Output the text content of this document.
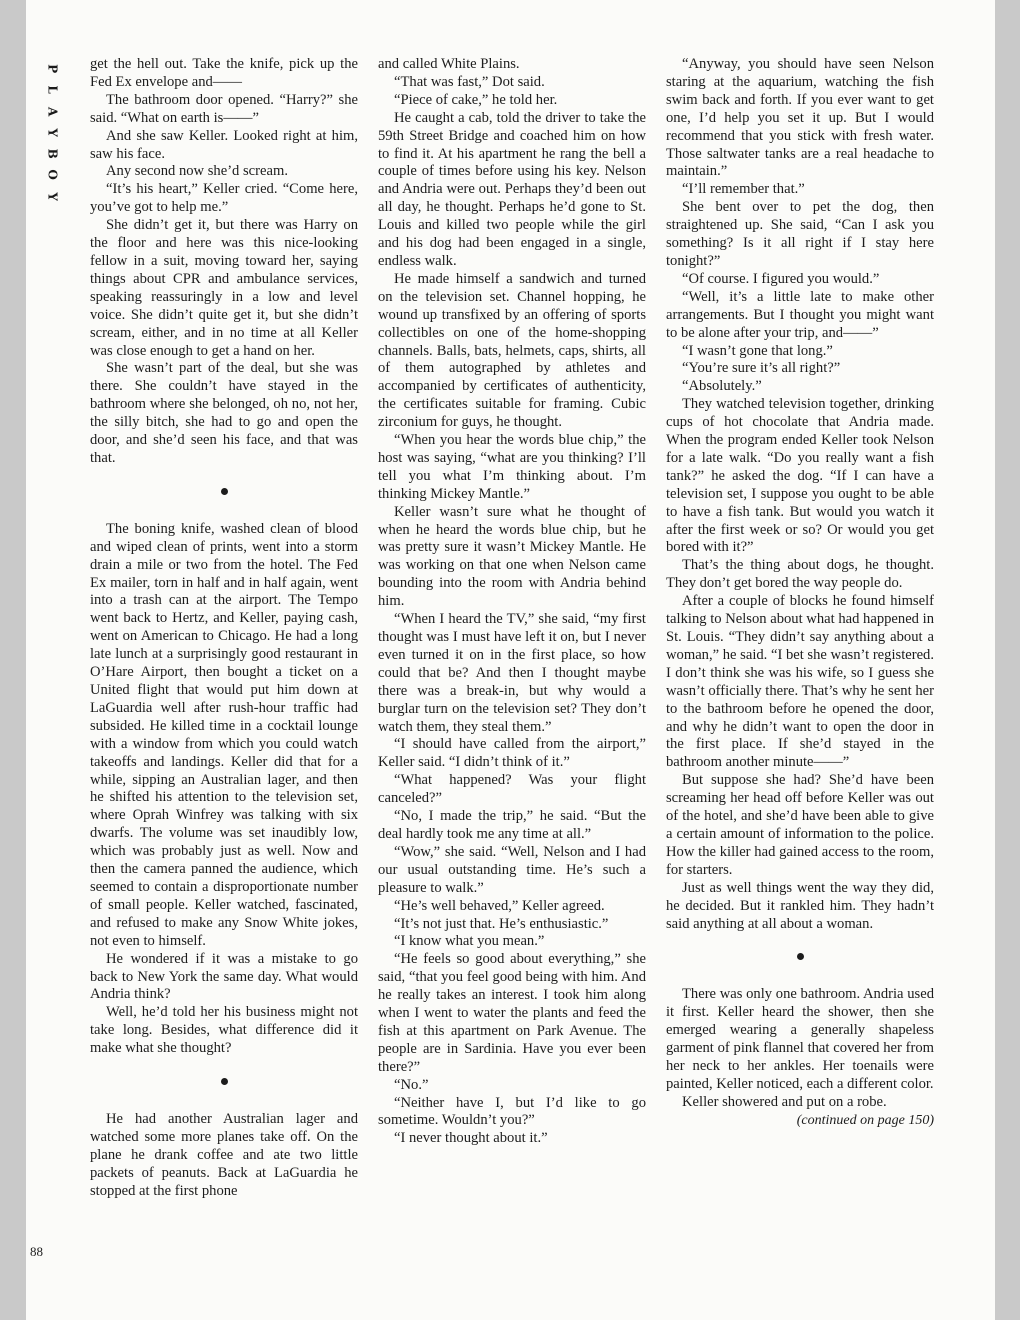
P
L
A
Y
B
O
Y

get the hell out. Take the knife, pick up the Fed Ex envelope and——

The bathroom door opened. “Harry?” she said. “What on earth is——”

And she saw Keller. Looked right at him, saw his face.

Any second now she’d scream.

“It’s his heart,” Keller cried. “Come here, you’ve got to help me.”

She didn’t get it, but there was Harry on the floor and here was this nice-looking fellow in a suit, moving toward her, saying things about CPR and ambulance services, speaking reassuringly in a low and level voice. She didn’t quite get it, but she didn’t scream, either, and in no time at all Keller was close enough to get a hand on her.

She wasn’t part of the deal, but she was there. She couldn’t have stayed in the bathroom where she belonged, oh no, not her, the silly bitch, she had to go and open the door, and she’d seen his face, and that was that.

The boning knife, washed clean of blood and wiped clean of prints, went into a storm drain a mile or two from the hotel. The Fed Ex mailer, torn in half and in half again, went into a trash can at the airport. The Tempo went back to Hertz, and Keller, paying cash, went on American to Chicago. He had a long late lunch at a surprisingly good restaurant in O’Hare Airport, then bought a ticket on a United flight that would put him down at LaGuardia well after rush-hour traffic had subsided. He killed time in a cocktail lounge with a window from which you could watch takeoffs and landings. Keller did that for a while, sipping an Australian lager, and then he shifted his attention to the television set, where Oprah Winfrey was talking with six dwarfs. The volume was set inaudibly low, which was probably just as well. Now and then the camera panned the audience, which seemed to contain a disproportionate number of small people. Keller watched, fascinated, and refused to make any Snow White jokes, not even to himself.

He wondered if it was a mistake to go back to New York the same day. What would Andria think?

Well, he’d told her his business might not take long. Besides, what difference did it make what she thought?

He had another Australian lager and watched some more planes take off. On the plane he drank coffee and ate two little packets of peanuts. Back at LaGuardia he stopped at the first phone

and called White Plains.

“That was fast,” Dot said.

“Piece of cake,” he told her.

He caught a cab, told the driver to take the 59th Street Bridge and coached him on how to find it. At his apartment he rang the bell a couple of times before using his key. Nelson and Andria were out. Perhaps they’d been out all day, he thought. Perhaps he’d gone to St. Louis and killed two people while the girl and his dog had been engaged in a single, endless walk.

He made himself a sandwich and turned on the television set. Channel hopping, he wound up transfixed by an offering of sports collectibles on one of the home-shopping channels. Balls, bats, helmets, caps, shirts, all of them autographed by athletes and accompanied by certificates of authenticity, the certificates suitable for framing. Cubic zirconium for guys, he thought.

“When you hear the words blue chip,” the host was saying, “what are you thinking? I’ll tell you what I’m thinking about. I’m thinking Mickey Mantle.”

Keller wasn’t sure what he thought of when he heard the words blue chip, but he was pretty sure it wasn’t Mickey Mantle. He was working on that one when Nelson came bounding into the room with Andria behind him.

“When I heard the TV,” she said, “my first thought was I must have left it on, but I never even turned it on in the first place, so how could that be? And then I thought maybe there was a break-in, but why would a burglar turn on the television set? They don’t watch them, they steal them.”

“I should have called from the airport,” Keller said. “I didn’t think of it.”

“What happened? Was your flight canceled?”

“No, I made the trip,” he said. “But the deal hardly took me any time at all.”

“Wow,” she said. “Well, Nelson and I had our usual outstanding time. He’s such a pleasure to walk.”

“He’s well behaved,” Keller agreed.

“It’s not just that. He’s enthusiastic.”

“I know what you mean.”

“He feels so good about everything,” she said, “that you feel good being with him. And he really takes an interest. I took him along when I went to water the plants and feed the fish at this apartment on Park Avenue. The people are in Sardinia. Have you ever been there?”

“No.”

“Neither have I, but I’d like to go sometime. Wouldn’t you?”

“I never thought about it.”

“Anyway, you should have seen Nelson staring at the aquarium, watching the fish swim back and forth. If you ever want to get one, I’d help you set it up. But I would recommend that you stick with fresh water. Those saltwater tanks are a real headache to maintain.”

“I’ll remember that.”

She bent over to pet the dog, then straightened up. She said, “Can I ask you something? Is it all right if I stay here tonight?”

“Of course. I figured you would.”

“Well, it’s a little late to make other arrangements. But I thought you might want to be alone after your trip, and——”

“I wasn’t gone that long.”

“You’re sure it’s all right?”

“Absolutely.”

They watched television together, drinking cups of hot chocolate that Andria made. When the program ended Keller took Nelson for a late walk. “Do you really want a fish tank?” he asked the dog. “If I can have a television set, I suppose you ought to be able to have a fish tank. But would you watch it after the first week or so? Or would you get bored with it?”

That’s the thing about dogs, he thought. They don’t get bored the way people do.

After a couple of blocks he found himself talking to Nelson about what had happened in St. Louis. “They didn’t say anything about a woman,” he said. “I bet she wasn’t registered. I don’t think she was his wife, so I guess she wasn’t officially there. That’s why he sent her to the bathroom before he opened the door, and why he didn’t want to open the door in the first place. If she’d stayed in the bathroom another minute——”

But suppose she had? She’d have been screaming her head off before Keller was out of the hotel, and she’d have been able to give a certain amount of information to the police. How the killer had gained access to the room, for starters.

Just as well things went the way they did, he decided. But it rankled him. They hadn’t said anything at all about a woman.

There was only one bathroom. Andria used it first. Keller heard the shower, then she emerged wearing a generally shapeless garment of pink flannel that covered her from her neck to her ankles. Her toenails were painted, Keller noticed, each a different color.

Keller showered and put on a robe.

(continued on page 150)

88
